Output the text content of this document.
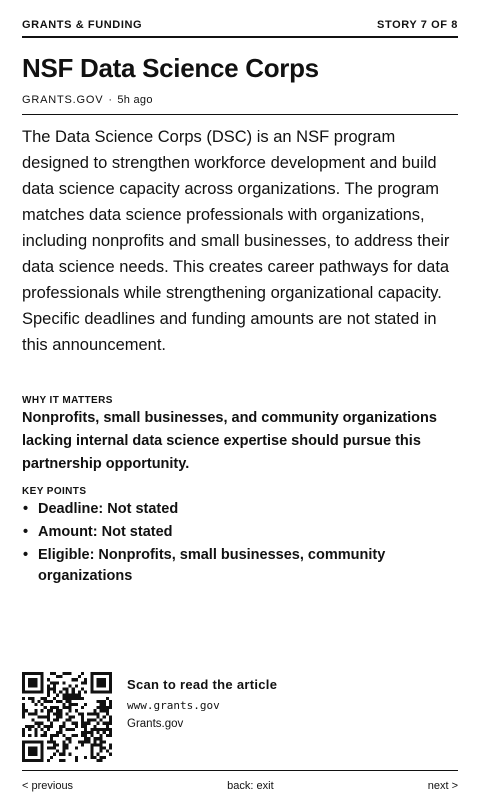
GRANTS & FUNDING	STORY 7 OF 8
NSF Data Science Corps
GRANTS.GOV · 5h ago

The Data Science Corps (DSC) is an NSF program designed to strengthen workforce development and build data science capacity across organizations. The program matches data science professionals with organizations, including nonprofits and small businesses, to address their data science needs. This creates career pathways for data professionals while strengthening organizational capacity. Specific deadlines and funding amounts are not stated in this announcement.

WHY IT MATTERS
Nonprofits, small businesses, and community organizations lacking internal data science expertise should pursue this partnership opportunity.
KEY POINTS
• Deadline: Not stated
• Amount: Not stated
• Eligible: Nonprofits, small businesses, community organizations
Scan to read the article
www.grants.gov
Grants.gov
< previous	back: exit	next >
